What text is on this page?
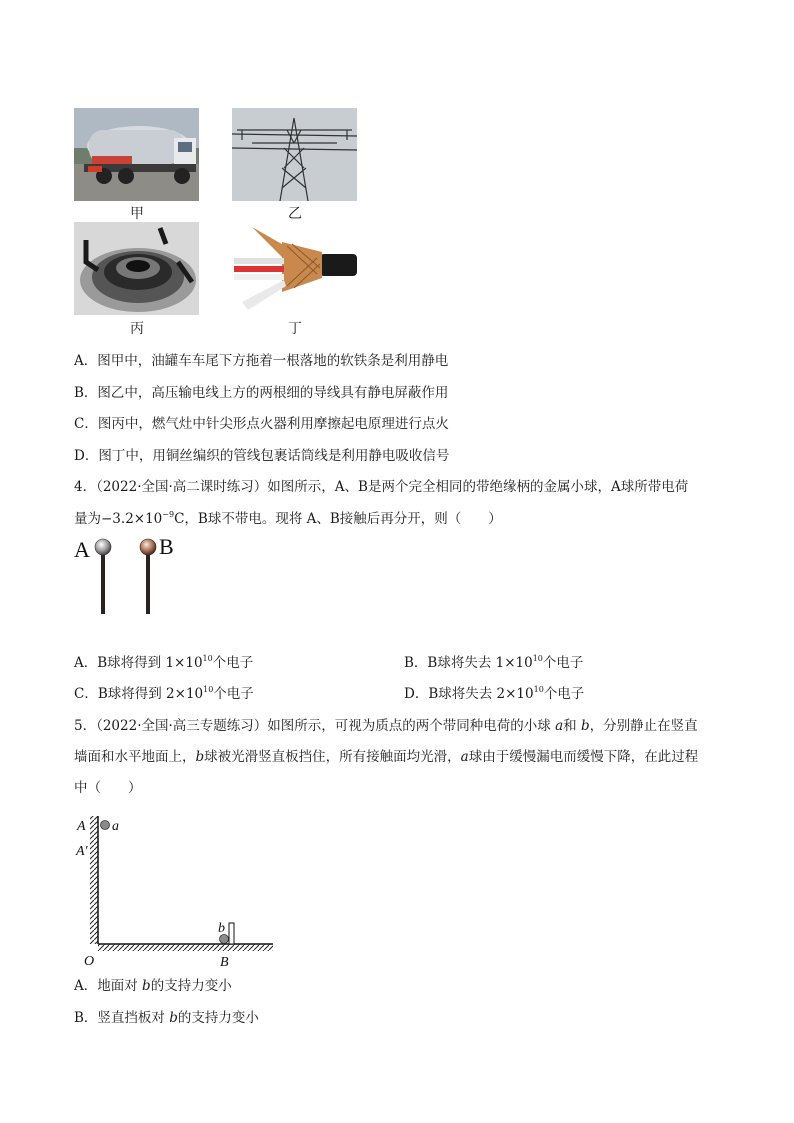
甲	乙
丙	丁
A．图甲中，油罐车车尾下方拖着一根落地的软铁条是利用静电
B．图乙中，高压输电线上方的两根细的导线具有静电屏蔽作用
C．图丙中，燃气灶中针尖形点火器利用摩擦起电原理进行点火
D．图丁中，用铜丝编织的管线包裹话筒线是利用静电吸收信号
4．（2022·全国·高二课时练习）如图所示，A、B是两个完全相同的带绝缘柄的金属小球，A球所带电荷
量为$-3.2\times 10^{-9}C$，B球不带电。现将 A、B接触后再分开，则（　　）
A	B
A．B球将得到 $1\times 10^{10}$个电子	B．B球将失去 $1\times 10^{10}$个电子
C．B球将得到 $2\times 10^{10}$个电子	D．B球将失去 $2\times 10^{10}$个电子
5．（2022·全国·高三专题练习）如图所示，可视为质点的两个带同种电荷的小球 a和 b，分别静止在竖直
墙面和水平地面上，b球被光滑竖直板挡住，所有接触面均光滑，a球由于缓慢漏电而缓慢下降，在此过程
中（　　）
A a
A′
O
b
B
A．地面对 b的支持力变小
B．竖直挡板对 b的支持力变小
